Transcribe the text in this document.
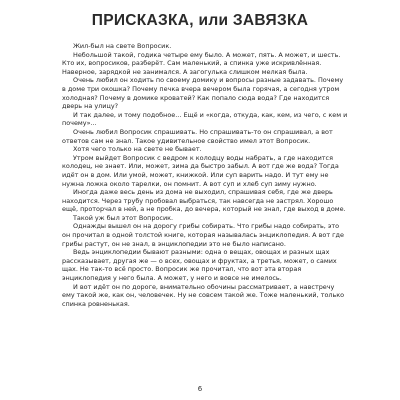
ПРИСКАЗКА, или ЗАВЯЗКА

Жил-был на свете Вопросик.

Небольшой такой, годика четыре ему было. А может, пять. А может, и шесть. Кто их, вопросиков, разберёт. Сам маленький, а спинка уже искривлённая. Наверное, зарядкой не занимался. А загогулька слишком мелкая была.

Очень любил он ходить по своему домику и вопросы разные задавать. Почему в доме три окошка? Почему печка вчера вечером была горячая, а сегодня утром холодная? Почему в домике кроватей? Как попало сюда вода? Где находится дверь на улицу?

И так далее, и тому подобное... Ещё и «когда, откуда, как, кем, из чего, с кем и почему»...

Очень любил Вопросик спрашивать. Но спрашивать-то он спрашивал, а вот ответов сам не знал. Такое удивительное свойство имел этот Вопросик.

Хотя чего только на свете не бывает.

Утром выйдет Вопросик с ведром к колодцу воды набрать, а где находится колодец, не знает. Или, может, зима да быстро забыл. А вот где же вода? Тогда идёт он в дом. Или умой, может, книжкой. Или суп варить надо. И тут ему не нужна ложка около тарелки, он помнит. А вот суп и хлеб суп зиму нужно.

Иногда даже весь день из дома не выходил, спрашивая себя, где же дверь находится. Через трубу пробовал выбраться, так навсегда не застрял. Хорошо ещё, проторчал в ней, а не пробка, до вечера, который не знал, где выход в доме.

Такой уж был этот Вопросик.

Однажды вышел он на дорогу грибы собирать. Что грибы надо собирать, это он прочитал в одной толстой книге, которая называлась энциклопедия. А вот где грибы растут, он не знал, в энциклопедии это не было написано.

Ведь энциклопедии бывают разными: одна о вещах, овощах и разных щах рассказывает, другая же — о всех, овощах и фруктах, а третья, может, о самих щах. Не так-то всё просто. Вопросик же прочитал, что вот эта вторая энциклопедия у него была. А может, у него и вовсе не имелось.

И вот идёт он по дороге, внимательно обочины рассматривает, а навстречу ему такой же, как он, человечек. Ну не совсем такой же. Тоже маленький, только спинка ровненькая.

6
